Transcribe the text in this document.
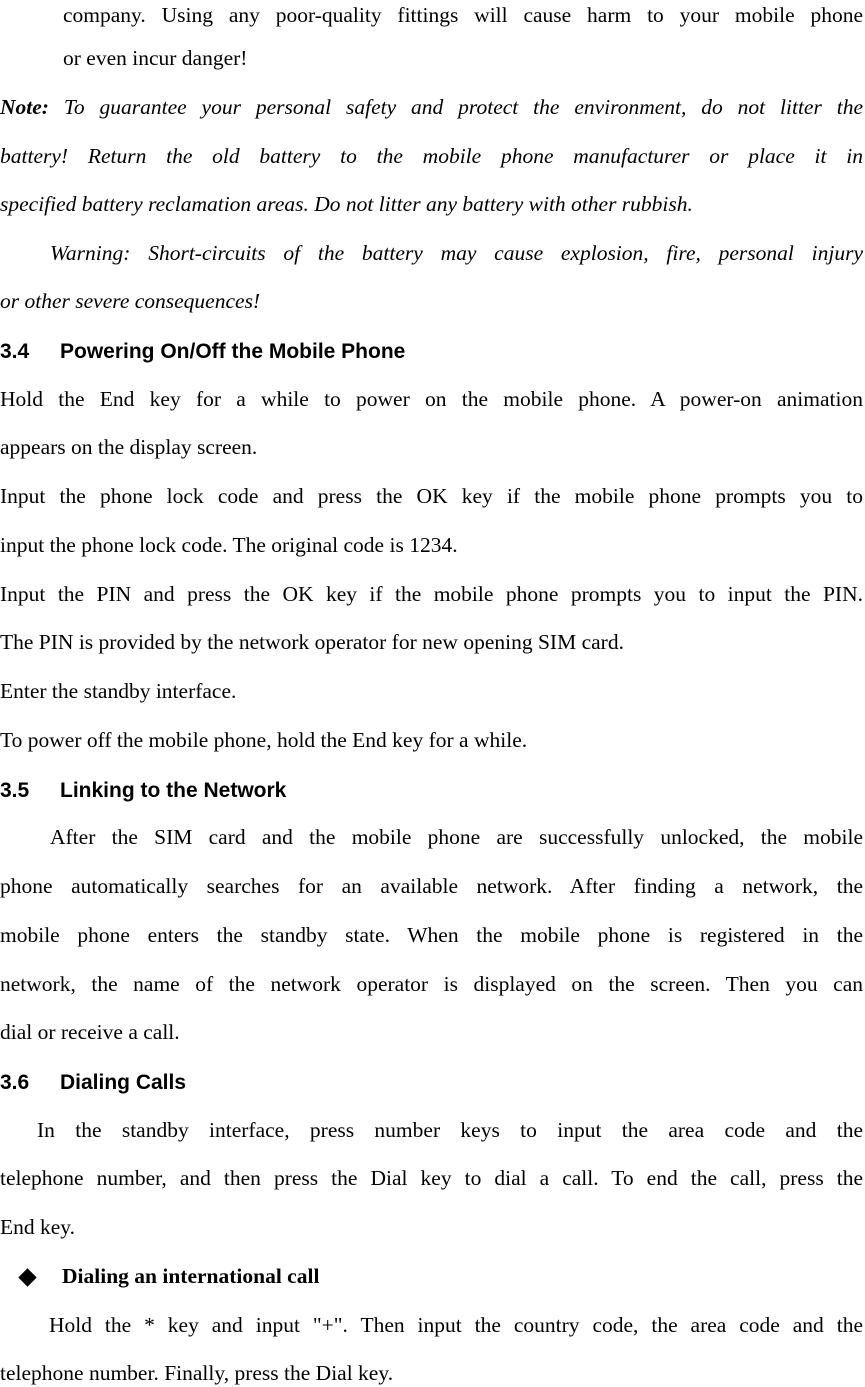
company. Using any poor-quality fittings will cause harm to your mobile phone
or even incur danger!
Note: To guarantee your personal safety and protect the environment, do not litter the
battery! Return the old battery to the mobile phone manufacturer or place it in
specified battery reclamation areas. Do not litter any battery with other rubbish.
Warning: Short-circuits of the battery may cause explosion, fire, personal injury
or other severe consequences!
3.4 Powering On/Off the Mobile Phone
Hold the End key for a while to power on the mobile phone. A power-on animation
appears on the display screen.
Input the phone lock code and press the OK key if the mobile phone prompts you to
input the phone lock code. The original code is 1234.
Input the PIN and press the OK key if the mobile phone prompts you to input the PIN.
The PIN is provided by the network operator for new opening SIM card.
Enter the standby interface.
To power off the mobile phone, hold the End key for a while.
3.5 Linking to the Network
After the SIM card and the mobile phone are successfully unlocked, the mobile
phone automatically searches for an available network. After finding a network, the
mobile phone enters the standby state. When the mobile phone is registered in the
network, the name of the network operator is displayed on the screen. Then you can
dial or receive a call.
3.6 Dialing Calls
In the standby interface, press number keys to input the area code and the
telephone number, and then press the Dial key to dial a call. To end the call, press the
End key.
Dialing an international call
Hold the * key and input "+". Then input the country code, the area code and the
telephone number. Finally, press the Dial key.
